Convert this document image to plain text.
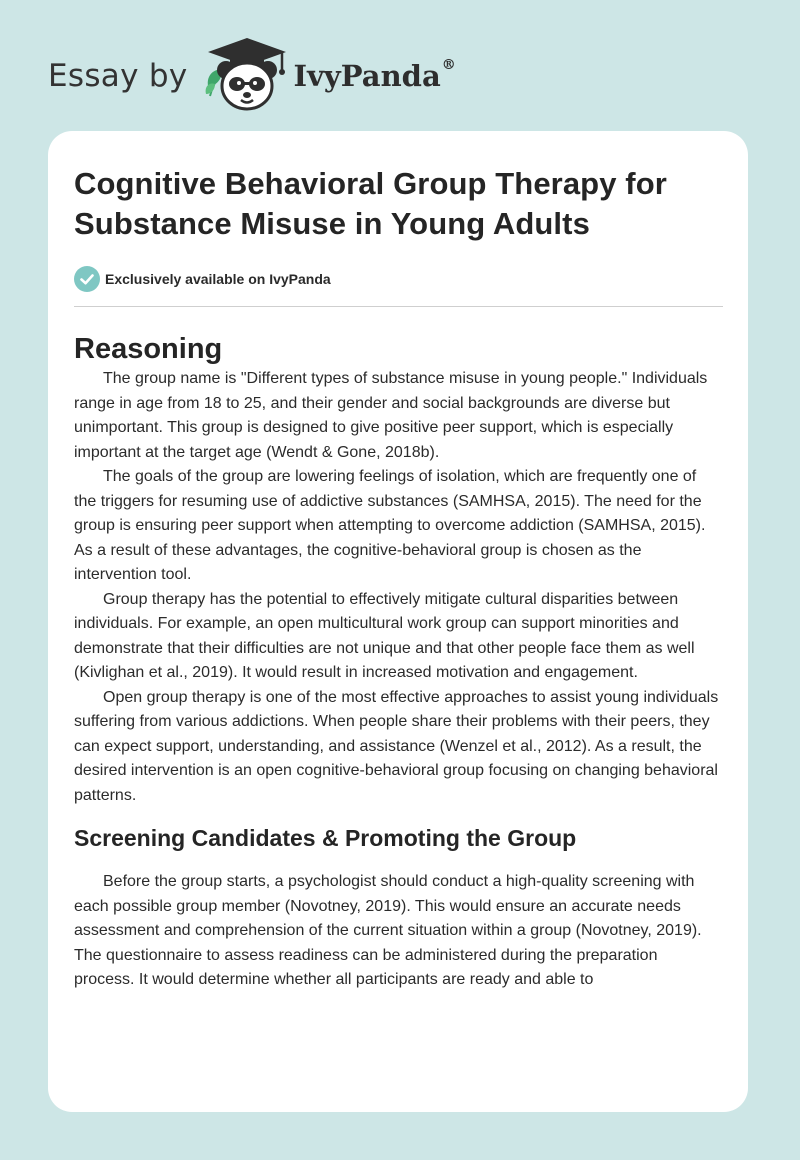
Essay by	IvyPanda®
Cognitive Behavioral Group Therapy for Substance Misuse in Young Adults
Exclusively available on IvyPanda
Reasoning

The group name is "Different types of substance misuse in young people." Individuals range in age from 18 to 25, and their gender and social backgrounds are diverse but unimportant. This group is designed to give positive peer support, which is especially important at the target age (Wendt & Gone, 2018b).

The goals of the group are lowering feelings of isolation, which are frequently one of the triggers for resuming use of addictive substances (SAMHSA, 2015). The need for the group is ensuring peer support when attempting to overcome addiction (SAMHSA, 2015). As a result of these advantages, the cognitive-behavioral group is chosen as the intervention tool.

Group therapy has the potential to effectively mitigate cultural disparities between individuals. For example, an open multicultural work group can support minorities and demonstrate that their difficulties are not unique and that other people face them as well (Kivlighan et al., 2019). It would result in increased motivation and engagement.

Open group therapy is one of the most effective approaches to assist young individuals suffering from various addictions. When people share their problems with their peers, they can expect support, understanding, and assistance (Wenzel et al., 2012). As a result, the desired intervention is an open cognitive-behavioral group focusing on changing behavioral patterns.

Screening Candidates & Promoting the Group

Before the group starts, a psychologist should conduct a high-quality screening with each possible group member (Novotney, 2019). This would ensure an accurate needs assessment and comprehension of the current situation within a group (Novotney, 2019). The questionnaire to assess readiness can be administered during the preparation process. It would determine whether all participants are ready and able to
